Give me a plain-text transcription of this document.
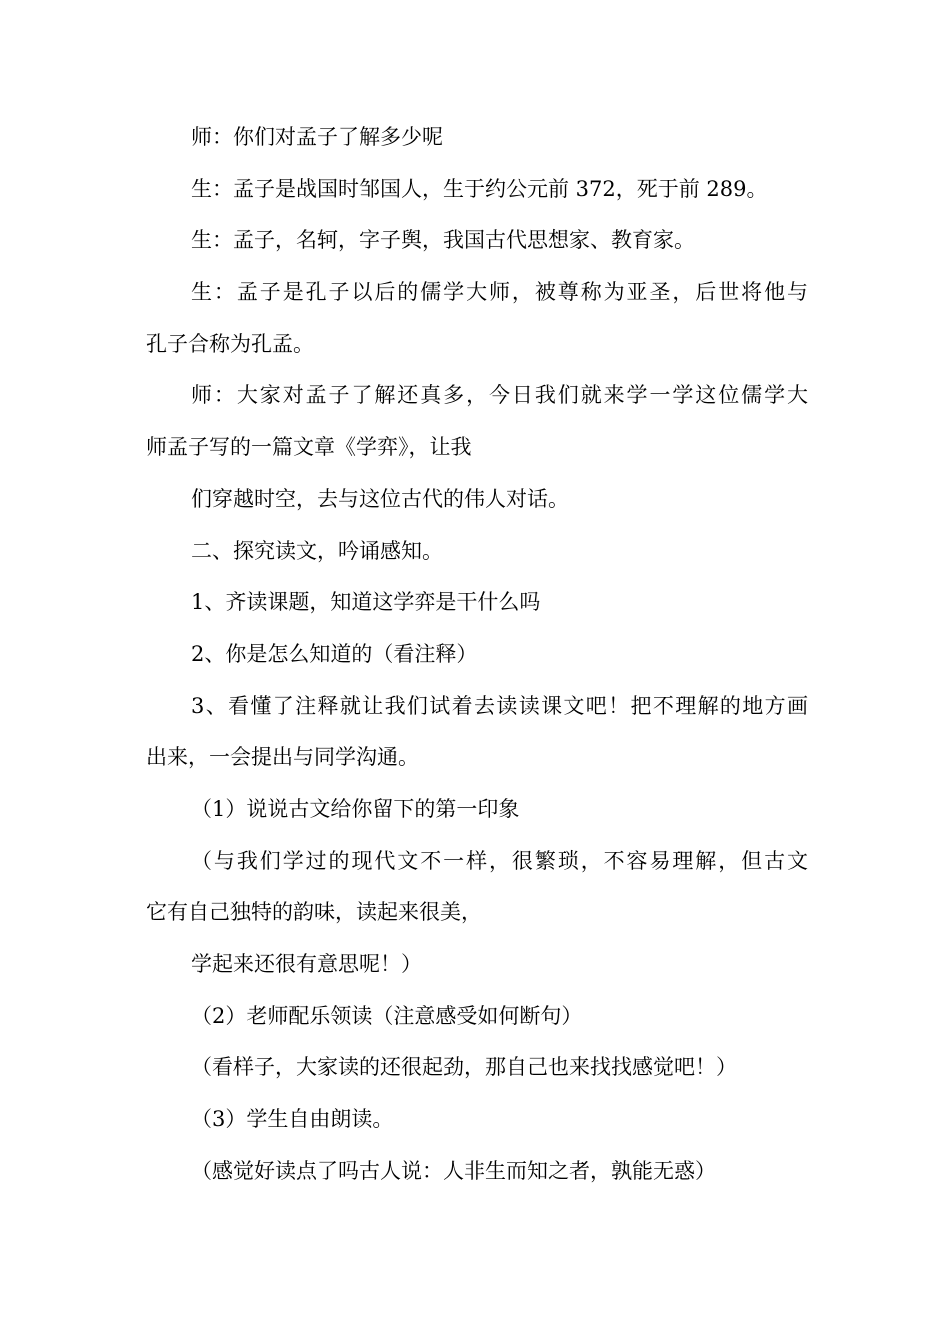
师：你们对孟子了解多少呢

生：孟子是战国时邹国人，生于约公元前 372，死于前 289。

生：孟子，名轲，字子舆，我国古代思想家、教育家。

生：孟子是孔子以后的儒学大师，被尊称为亚圣，后世将他与

孔子合称为孔孟。

师：大家对孟子了解还真多，今日我们就来学一学这位儒学大

师孟子写的一篇文章《学弈》，让我

们穿越时空，去与这位古代的伟人对话。

二、探究读文，吟诵感知。

1、齐读课题，知道这学弈是干什么吗

2、你是怎么知道的（看注释）

3、看懂了注释就让我们试着去读读课文吧！把不理解的地方画

出来，一会提出与同学沟通。

（1）说说古文给你留下的第一印象

（与我们学过的现代文不一样，很繁琐，不容易理解，但古文

它有自己独特的韵味，读起来很美，

学起来还很有意思呢！）

（2）老师配乐领读（注意感受如何断句）

（看样子，大家读的还很起劲，那自己也来找找感觉吧！）

（3）学生自由朗读。

（感觉好读点了吗古人说：人非生而知之者，孰能无惑）
